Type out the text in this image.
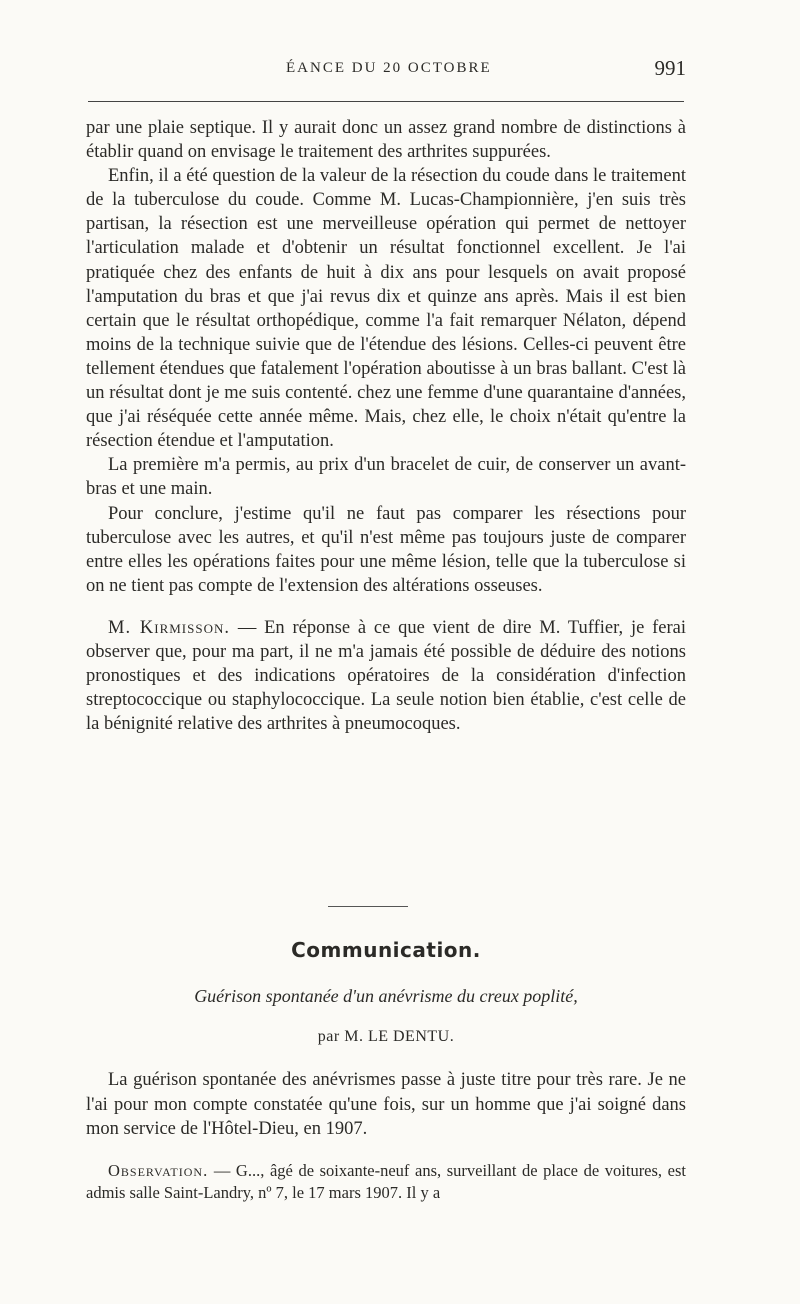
ÉANCE DU 20 OCTOBRE	991

par une plaie septique. Il y aurait donc un assez grand nombre de distinctions à établir quand on envisage le traitement des arthrites suppurées.

Enfin, il a été question de la valeur de la résection du coude dans le traitement de la tuberculose du coude. Comme M. Lucas-Championnière, j'en suis très partisan, la résection est une merveilleuse opération qui permet de nettoyer l'articulation malade et d'obtenir un résultat fonctionnel excellent. Je l'ai pratiquée chez des enfants de huit à dix ans pour lesquels on avait proposé l'amputation du bras et que j'ai revus dix et quinze ans après. Mais il est bien certain que le résultat orthopédique, comme l'a fait remarquer Nélaton, dépend moins de la technique suivie que de l'étendue des lésions. Celles-ci peuvent être tellement étendues que fatalement l'opération aboutisse à un bras ballant. C'est là un résultat dont je me suis contenté. chez une femme d'une quarantaine d'années, que j'ai réséquée cette année même. Mais, chez elle, le choix n'était qu'entre la résection étendue et l'amputation.

La première m'a permis, au prix d'un bracelet de cuir, de conserver un avant-bras et une main.

Pour conclure, j'estime qu'il ne faut pas comparer les résections pour tuberculose avec les autres, et qu'il n'est même pas toujours juste de comparer entre elles les opérations faites pour une même lésion, telle que la tuberculose si on ne tient pas compte de l'extension des altérations osseuses.

M. Kirmisson. — En réponse à ce que vient de dire M. Tuffier, je ferai observer que, pour ma part, il ne m'a jamais été possible de déduire des notions pronostiques et des indications opératoires de la considération d'infection streptococcique ou staphylococcique. La seule notion bien établie, c'est celle de la bénignité relative des arthrites à pneumocoques.

Communication.
Guérison spontanée d'un anévrisme du creux poplité,
par M. LE DENTU.

La guérison spontanée des anévrismes passe à juste titre pour très rare. Je ne l'ai pour mon compte constatée qu'une fois, sur un homme que j'ai soigné dans mon service de l'Hôtel-Dieu, en 1907.

Observation. — G..., âgé de soixante-neuf ans, surveillant de place de voitures, est admis salle Saint-Landry, nº 7, le 17 mars 1907. Il y a
